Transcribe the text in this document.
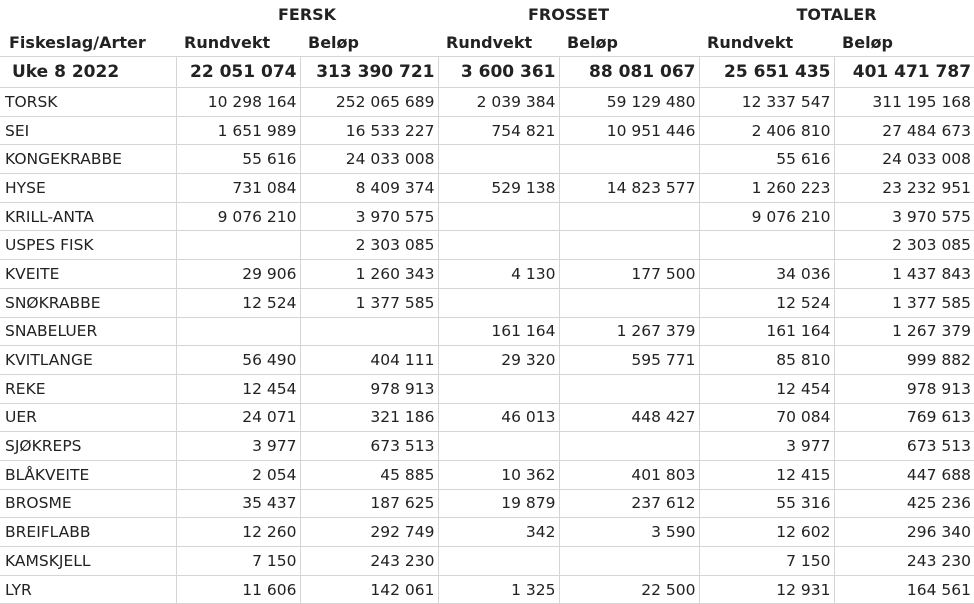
	FERSK		FROSSET		TOTALER	
Fiskeslag/Arter	Rundvekt	Beløp	Rundvekt	Beløp	Rundvekt	Beløp
Uke 8 2022	22 051 074	313 390 721	3 600 361	88 081 067	25 651 435	401 471 787
TORSK	10 298 164	252 065 689	2 039 384	59 129 480	12 337 547	311 195 168
SEI	1 651 989	16 533 227	754 821	10 951 446	2 406 810	27 484 673
KONGEKRABBE	55 616	24 033 008			55 616	24 033 008
HYSE	731 084	8 409 374	529 138	14 823 577	1 260 223	23 232 951
KRILL-ANTA	9 076 210	3 970 575			9 076 210	3 970 575
USPES FISK		2 303 085				2 303 085
KVEITE	29 906	1 260 343	4 130	177 500	34 036	1 437 843
SNØKRABBE	12 524	1 377 585			12 524	1 377 585
SNABELUER			161 164	1 267 379	161 164	1 267 379
KVITLANGE	56 490	404 111	29 320	595 771	85 810	999 882
REKE	12 454	978 913			12 454	978 913
UER	24 071	321 186	46 013	448 427	70 084	769 613
SJØKREPS	3 977	673 513			3 977	673 513
BLÅKVEITE	2 054	45 885	10 362	401 803	12 415	447 688
BROSME	35 437	187 625	19 879	237 612	55 316	425 236
BREIFLABB	12 260	292 749	342	3 590	12 602	296 340
KAMSKJELL	7 150	243 230			7 150	243 230
LYR	11 606	142 061	1 325	22 500	12 931	164 561
